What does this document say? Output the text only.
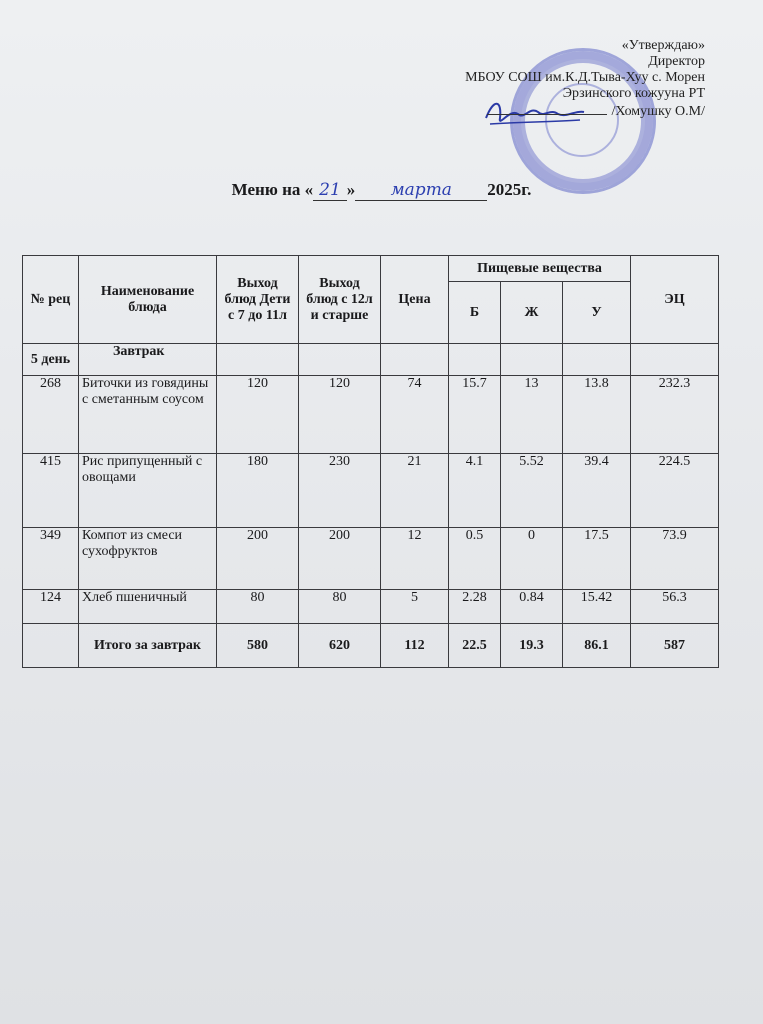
«Утверждаю»
Директор
МБОУ СОШ им.К.Д.Тыва-Хуу с. Морен
Эрзинского кожууна РТ
/Хомушку О.М/
Меню на « 21 » марта 2025г.
№ рец	Наименование блюда	Выход блюд Дети с 7 до 11л	Выход блюд с 12л и старше	Цена	Пищевые вещества			ЭЦ
					Б	Ж	У	
5 день	Завтрак							
268	Биточки из говядины с сметанным соусом	120	120	74	15.7	13	13.8	232.3
415	Рис припущенный с овощами	180	230	21	4.1	5.52	39.4	224.5
349	Компот из смеси сухофруктов	200	200	12	0.5	0	17.5	73.9
124	Хлеб пшеничный	80	80	5	2.28	0.84	15.42	56.3
	Итого за завтрак	580	620	112	22.5	19.3	86.1	587
